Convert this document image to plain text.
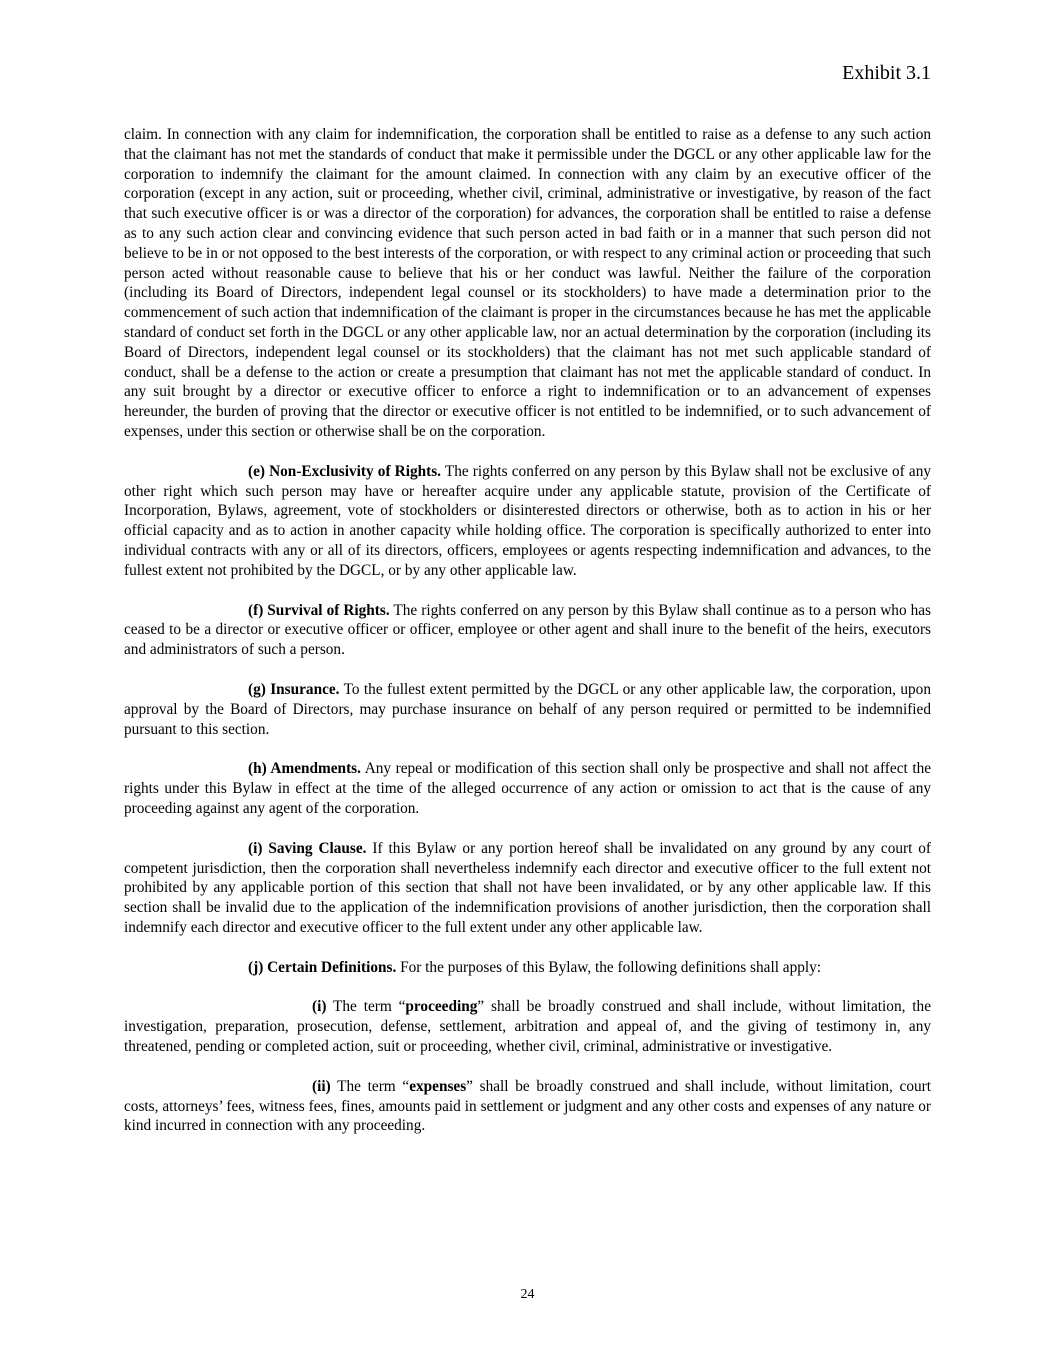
Exhibit 3.1

claim. In connection with any claim for indemnification, the corporation shall be entitled to raise as a defense to any such action that the claimant has not met the standards of conduct that make it permissible under the DGCL or any other applicable law for the corporation to indemnify the claimant for the amount claimed. In connection with any claim by an executive officer of the corporation (except in any action, suit or proceeding, whether civil, criminal, administrative or investigative, by reason of the fact that such executive officer is or was a director of the corporation) for advances, the corporation shall be entitled to raise a defense as to any such action clear and convincing evidence that such person acted in bad faith or in a manner that such person did not believe to be in or not opposed to the best interests of the corporation, or with respect to any criminal action or proceeding that such person acted without reasonable cause to believe that his or her conduct was lawful. Neither the failure of the corporation (including its Board of Directors, independent legal counsel or its stockholders) to have made a determination prior to the commencement of such action that indemnification of the claimant is proper in the circumstances because he has met the applicable standard of conduct set forth in the DGCL or any other applicable law, nor an actual determination by the corporation (including its Board of Directors, independent legal counsel or its stockholders) that the claimant has not met such applicable standard of conduct, shall be a defense to the action or create a presumption that claimant has not met the applicable standard of conduct. In any suit brought by a director or executive officer to enforce a right to indemnification or to an advancement of expenses hereunder, the burden of proving that the director or executive officer is not entitled to be indemnified, or to such advancement of expenses, under this section or otherwise shall be on the corporation.

(e) Non-Exclusivity of Rights. The rights conferred on any person by this Bylaw shall not be exclusive of any other right which such person may have or hereafter acquire under any applicable statute, provision of the Certificate of Incorporation, Bylaws, agreement, vote of stockholders or disinterested directors or otherwise, both as to action in his or her official capacity and as to action in another capacity while holding office. The corporation is specifically authorized to enter into individual contracts with any or all of its directors, officers, employees or agents respecting indemnification and advances, to the fullest extent not prohibited by the DGCL, or by any other applicable law.

(f) Survival of Rights. The rights conferred on any person by this Bylaw shall continue as to a person who has ceased to be a director or executive officer or officer, employee or other agent and shall inure to the benefit of the heirs, executors and administrators of such a person.

(g) Insurance. To the fullest extent permitted by the DGCL or any other applicable law, the corporation, upon approval by the Board of Directors, may purchase insurance on behalf of any person required or permitted to be indemnified pursuant to this section.

(h) Amendments. Any repeal or modification of this section shall only be prospective and shall not affect the rights under this Bylaw in effect at the time of the alleged occurrence of any action or omission to act that is the cause of any proceeding against any agent of the corporation.

(i) Saving Clause. If this Bylaw or any portion hereof shall be invalidated on any ground by any court of competent jurisdiction, then the corporation shall nevertheless indemnify each director and executive officer to the full extent not prohibited by any applicable portion of this section that shall not have been invalidated, or by any other applicable law. If this section shall be invalid due to the application of the indemnification provisions of another jurisdiction, then the corporation shall indemnify each director and executive officer to the full extent under any other applicable law.

(j) Certain Definitions. For the purposes of this Bylaw, the following definitions shall apply:

(i) The term “proceeding” shall be broadly construed and shall include, without limitation, the investigation, preparation, prosecution, defense, settlement, arbitration and appeal of, and the giving of testimony in, any threatened, pending or completed action, suit or proceeding, whether civil, criminal, administrative or investigative.

(ii) The term “expenses” shall be broadly construed and shall include, without limitation, court costs, attorneys’ fees, witness fees, fines, amounts paid in settlement or judgment and any other costs and expenses of any nature or kind incurred in connection with any proceeding.

24
